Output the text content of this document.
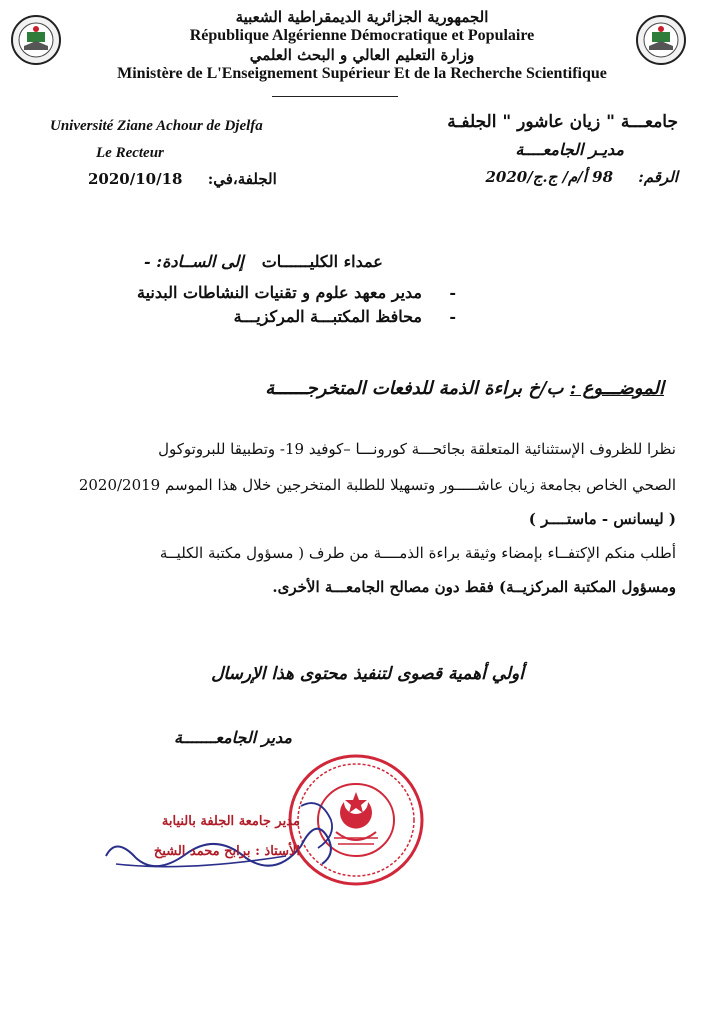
الجمهورية الجزائرية الديمقراطية الشعبية
République Algérienne Démocratique et Populaire
وزارة التعليم العالي و البحث العلمي
Ministère de L'Enseignement Supérieur Et de la Recherche Scientifique
Université Ziane Achour de Djelfa
Le Recteur
2020/10/18 الجلفة،في:
جامعـــة " زيان عاشور " الجلفـة
مديـر الجامعــــة
الرقم: 98 أ/م/ ج.ج/2020
إلى الســادة: - عمداء الكليــــــات
-
مدير معهد علوم و تقنيات النشاطات البدنية
-
محافظ المكتبـــة المركزيـــة
الموضـــوع : ب/خ براءة الذمة للدفعات المتخرجــــــة
نظرا للظروف الإستثنائية المتعلقة بجائحـــة كورونـــا –كوفيد 19- وتطبيقا للبروتوكول
الصحي الخاص بجامعة زيان عاشـــــور وتسهيلا للطلبة المتخرجين خلال هذا الموسم 2020/2019
( ليسانس - ماستــــر )
أطلب منكم الإكتفــاء بإمضاء وثيقة براءة الذمــــة من طرف ( مسؤول مكتبة الكليــة
ومسؤول المكتبة المركزيــة) فقط دون مصالح الجامعـــة الأخرى.
أولي أهمية قصوى لتنفيذ محتوى هذا الإرسال
مدير الجامعـــــــة
مدير جامعة الجلفة بالنيابة
الأستاذ : برابح محمد الشيخ
